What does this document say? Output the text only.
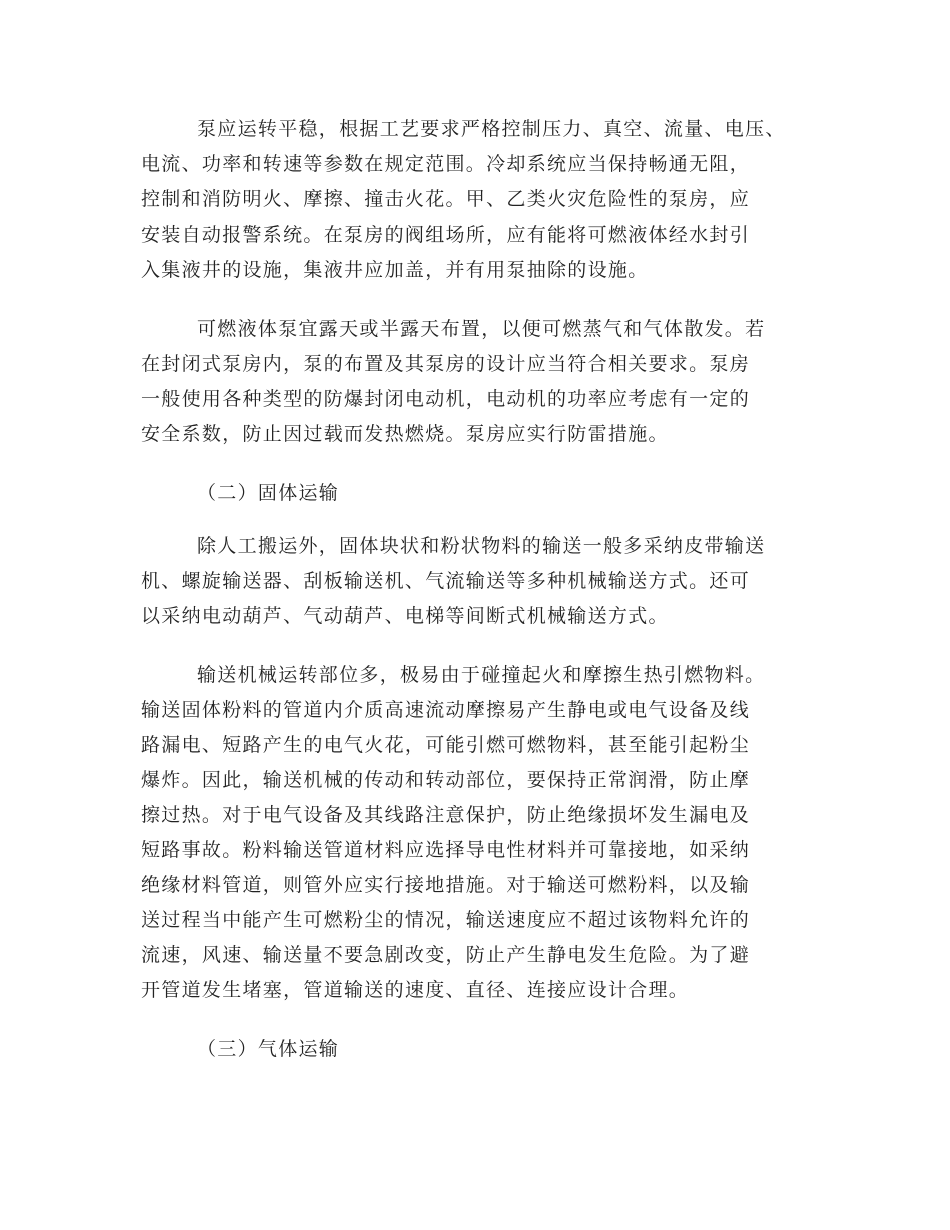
泵应运转平稳，根据工艺要求严格控制压力、真空、流量、电压、
电流、功率和转速等参数在规定范围。冷却系统应当保持畅通无阻，
控制和消防明火、摩擦、撞击火花。甲、乙类火灾危险性的泵房，应
安装自动报警系统。在泵房的阀组场所，应有能将可燃液体经水封引
入集液井的设施，集液井应加盖，并有用泵抽除的设施。
可燃液体泵宜露天或半露天布置，以便可燃蒸气和气体散发。若
在封闭式泵房内，泵的布置及其泵房的设计应当符合相关要求。泵房
一般使用各种类型的防爆封闭电动机，电动机的功率应考虑有一定的
安全系数，防止因过载而发热燃烧。泵房应实行防雷措施。
（二）固体运输
除人工搬运外，固体块状和粉状物料的输送一般多采纳皮带输送
机、螺旋输送器、刮板输送机、气流输送等多种机械输送方式。还可
以采纳电动葫芦、气动葫芦、电梯等间断式机械输送方式。
输送机械运转部位多，极易由于碰撞起火和摩擦生热引燃物料。
输送固体粉料的管道内介质高速流动摩擦易产生静电或电气设备及线
路漏电、短路产生的电气火花，可能引燃可燃物料，甚至能引起粉尘
爆炸。因此，输送机械的传动和转动部位，要保持正常润滑，防止摩
擦过热。对于电气设备及其线路注意保护，防止绝缘损坏发生漏电及
短路事故。粉料输送管道材料应选择导电性材料并可靠接地，如采纳
绝缘材料管道，则管外应实行接地措施。对于输送可燃粉料，以及输
送过程当中能产生可燃粉尘的情况，输送速度应不超过该物料允许的
流速，风速、输送量不要急剧改变，防止产生静电发生危险。为了避
开管道发生堵塞，管道输送的速度、直径、连接应设计合理。
（三）气体运输
